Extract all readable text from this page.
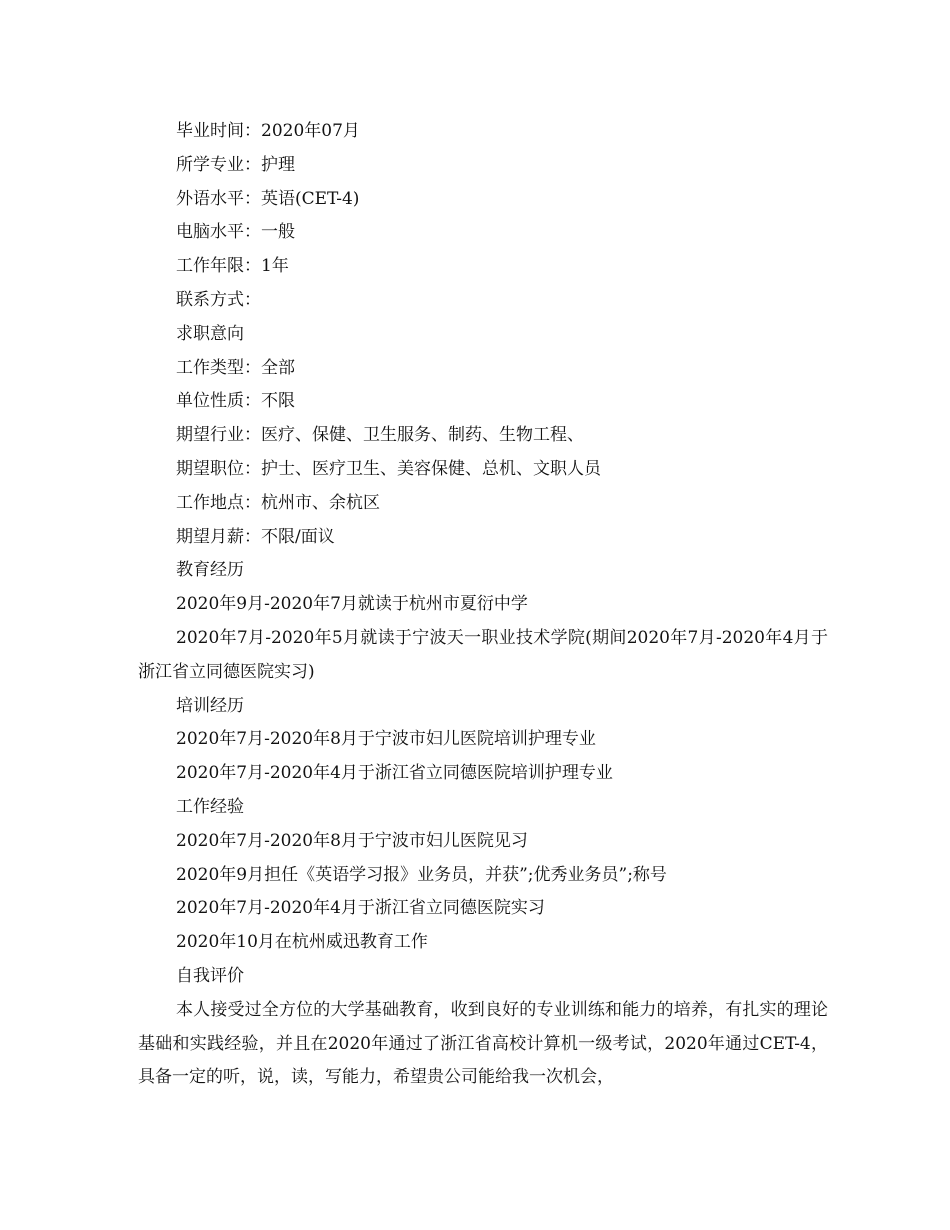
毕业时间：2020年07月
所学专业：护理
外语水平：英语(CET-4)
电脑水平：一般
工作年限：1年
联系方式：
求职意向
工作类型：全部
单位性质：不限
期望行业：医疗、保健、卫生服务、制药、生物工程、
期望职位：护士、医疗卫生、美容保健、总机、文职人员
工作地点：杭州市、余杭区
期望月薪：不限/面议
教育经历
2020年9月-2020年7月就读于杭州市夏衍中学

2020年7月-2020年5月就读于宁波天一职业技术学院(期间2020年7月-2020年4月于浙江省立同德医院实习)

培训经历
2020年7月-2020年8月于宁波市妇儿医院培训护理专业
2020年7月-2020年4月于浙江省立同德医院培训护理专业
工作经验
2020年7月-2020年8月于宁波市妇儿医院见习
2020年9月担任《英语学习报》业务员，并获”;优秀业务员”;称号
2020年7月-2020年4月于浙江省立同德医院实习
2020年10月在杭州威迅教育工作
自我评价

本人接受过全方位的大学基础教育，收到良好的专业训练和能力的培养，有扎实的理论基础和实践经验，并且在2020年通过了浙江省高校计算机一级考试，2020年通过CET-4，具备一定的听，说，读，写能力，希望贵公司能给我一次机会，
